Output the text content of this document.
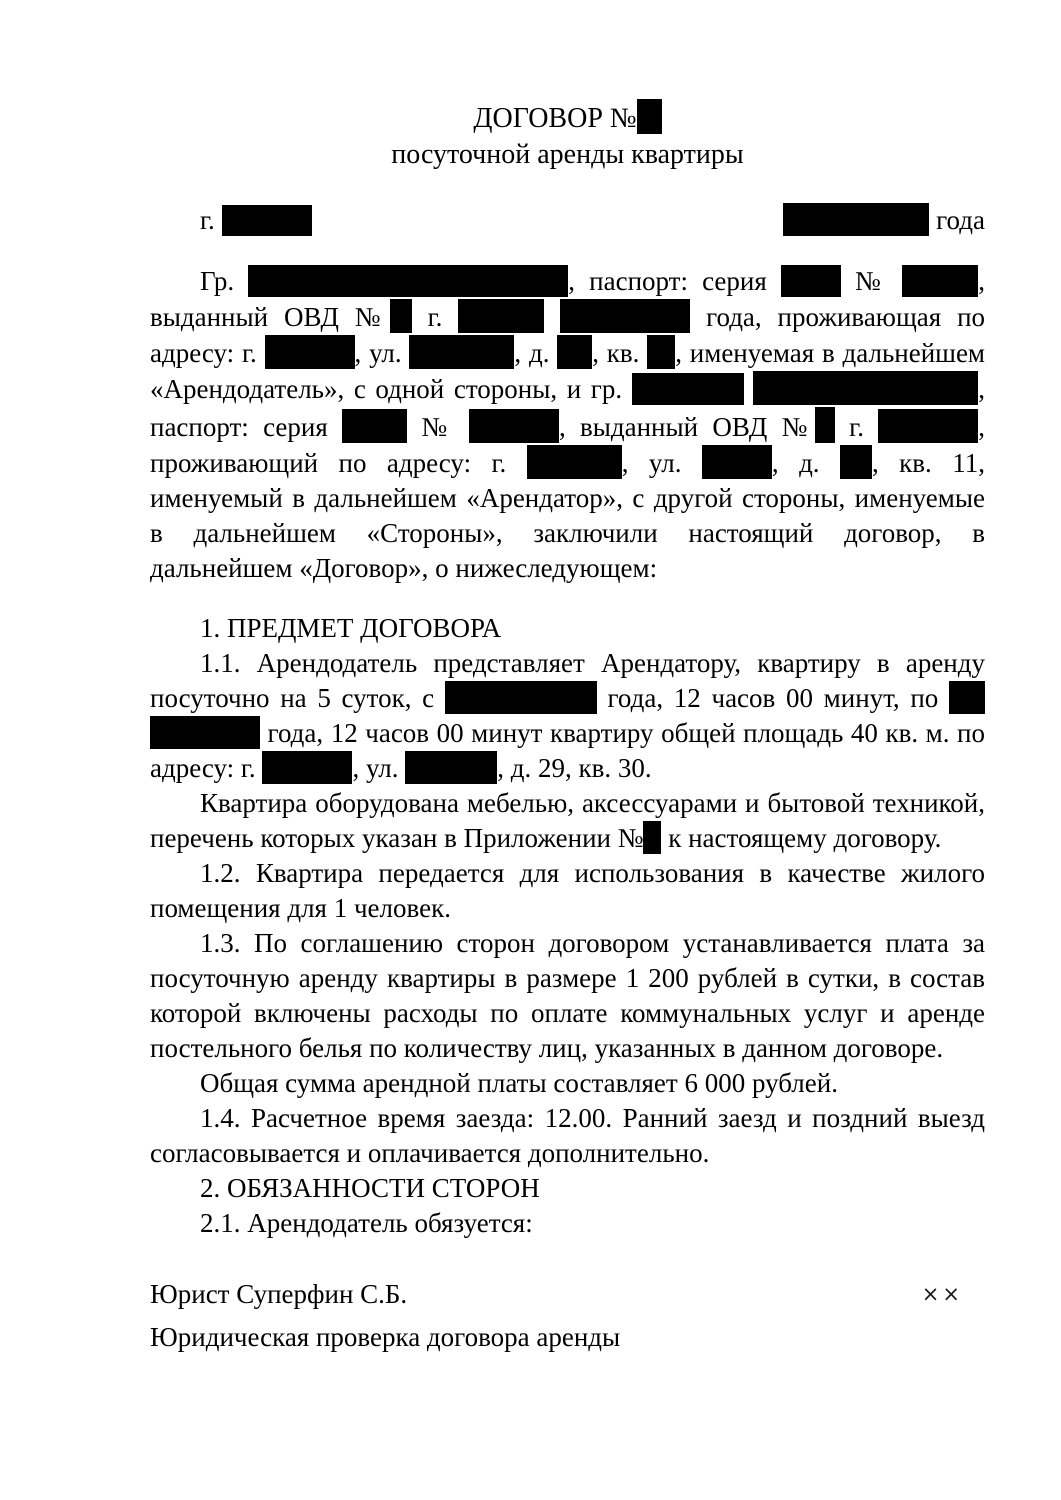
ДОГОВОР №
посуточной аренды квартиры
г.	года

Гр.	, паспорт: серия  №	, выданный ОВД № г.	года, проживающая по адресу: г.	, ул.	, д. , кв. , именуемая в дальнейшем «Арендодатель», с одной стороны, и гр.	, паспорт: серия  №	, выданный ОВД № г.	, проживающий по адресу: г.	, ул.	, д. , кв. 11, именуемый в дальнейшем «Арендатор», с другой стороны, именуемые в дальнейшем «Стороны», заключили настоящий договор, в дальнейшем «Договор», о нижеследующем:

1. ПРЕДМЕТ ДОГОВОРА

1.1. Арендодатель представляет Арендатору, квартиру в аренду посуточно на 5 суток, с	года, 12 часов 00 минут, по   года, 12 часов 00 минут квартиру общей площадь 40 кв. м. по адресу: г.	, ул.	, д. 29, кв. 30.

Квартира оборудована мебелью, аксессуарами и бытовой техникой, перечень которых указан в Приложении № к настоящему договору.

1.2. Квартира передается для использования в качестве жилого помещения для 1 человек.

1.3. По соглашению сторон договором устанавливается плата за посуточную аренду квартиры в размере 1 200 рублей в сутки, в состав которой включены расходы по оплате коммунальных услуг и аренде постельного белья по количеству лиц, указанных в данном договоре.

Общая сумма арендной платы составляет 6 000 рублей.

1.4. Расчетное время заезда: 12.00. Ранний заезд и поздний выезд согласовывается и оплачивается дополнительно.

2. ОБЯЗАННОСТИ СТОРОН

2.1. Арендодатель обязуется:

Юрист Суперфин С.Б.	××
Юридическая проверка договора аренды
